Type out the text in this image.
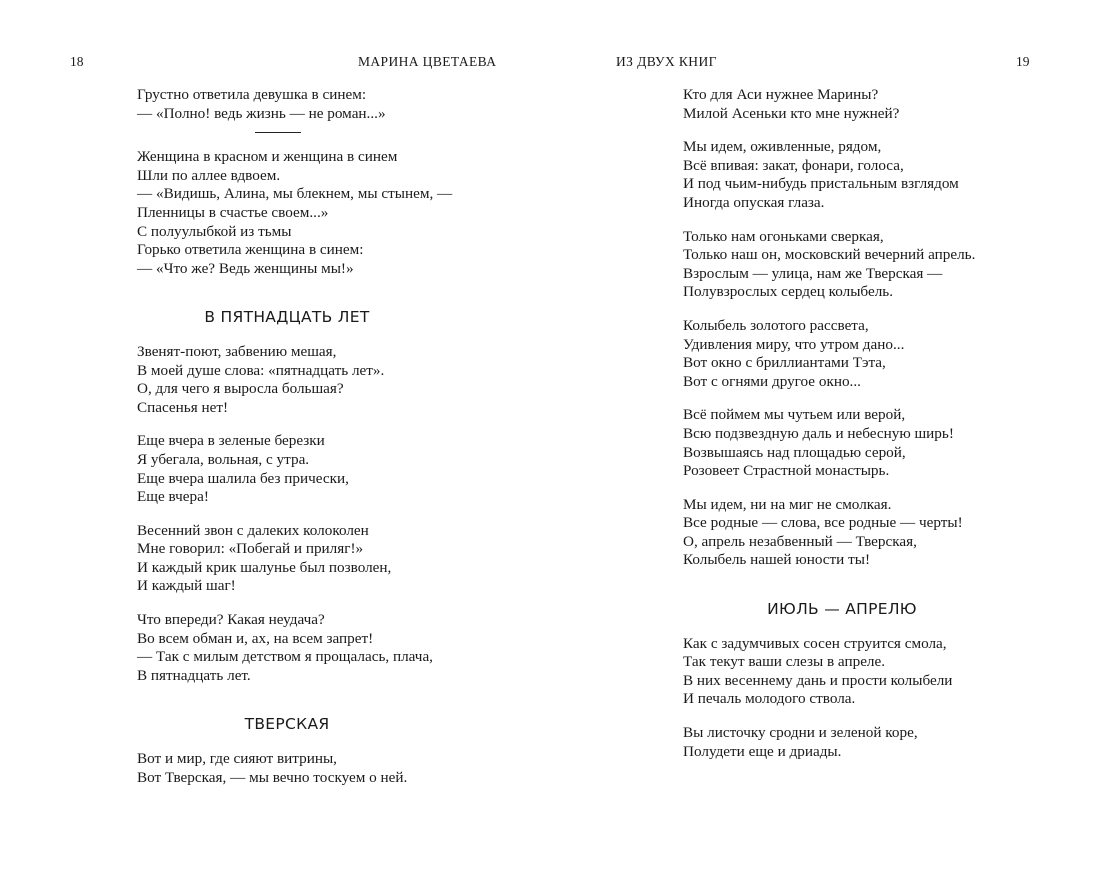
18	МАРИНА ЦВЕТАЕВА	ИЗ ДВУХ КНИГ	19
Грустно ответила девушка в синем:
— «Полно! ведь жизнь — не роман...»
Женщина в красном и женщина в синем
Шли по аллее вдвоем.
— «Видишь, Алина, мы блекнем, мы стынем, —
Пленницы в счастье своем...»
С полуулыбкой из тьмы
Горько ответила женщина в синем:
— «Что же? Ведь женщины мы!»
В ПЯТНАДЦАТЬ ЛЕТ
Звенят-поют, забвению мешая,
В моей душе слова: «пятнадцать лет».
О, для чего я выросла большая?
Спасенья нет!
Еще вчера в зеленые березки
Я убегала, вольная, с утра.
Еще вчера шалила без прически,
Еще вчера!
Весенний звон с далеких колоколен
Мне говорил: «Побегай и приляг!»
И каждый крик шалунье был позволен,
И каждый шаг!
Что впереди? Какая неудача?
Во всем обман и, ах, на всем запрет!
— Так с милым детством я прощалась, плача,
В пятнадцать лет.
ТВЕРСКАЯ
Вот и мир, где сияют витрины,
Вот Тверская, — мы вечно тоскуем о ней.
Кто для Аси нужнее Марины?
Милой Асеньки кто мне нужней?
Мы идем, оживленные, рядом,
Всё впивая: закат, фонари, голоса,
И под чьим-нибудь пристальным взглядом
Иногда опуская глаза.
Только нам огоньками сверкая,
Только наш он, московский вечерний апрель.
Взрослым — улица, нам же Тверская —
Полувзрослых сердец колыбель.
Колыбель золотого рассвета,
Удивления миру, что утром дано...
Вот окно с бриллиантами Тэта,
Вот с огнями другое окно...
Всё поймем мы чутьем или верой,
Всю подзвездную даль и небесную ширь!
Возвышаясь над площадью серой,
Розовеет Страстной монастырь.
Мы идем, ни на миг не смолкая.
Все родные — слова, все родные — черты!
О, апрель незабвенный — Тверская,
Колыбель нашей юности ты!
ИЮЛЬ — АПРЕЛЮ
Как с задумчивых сосен струится смола,
Так текут ваши слезы в апреле.
В них весеннему дань и прости колыбели
И печаль молодого ствола.
Вы листочку сродни и зеленой коре,
Полудети еще и дриады.
